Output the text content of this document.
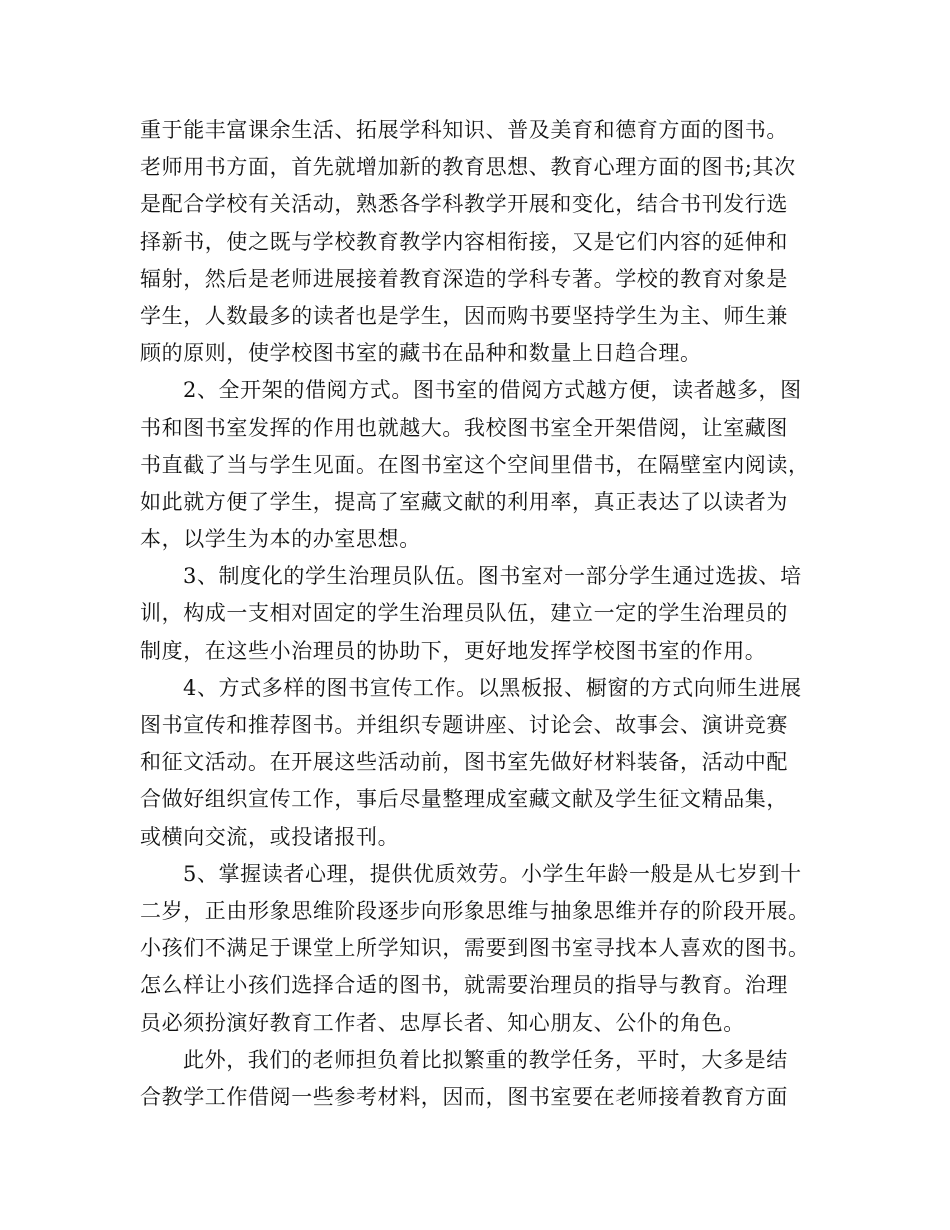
重于能丰富课余生活、拓展学科知识、普及美育和德育方面的图书。
老师用书方面，首先就增加新的教育思想、教育心理方面的图书;其次
是配合学校有关活动，熟悉各学科教学开展和变化，结合书刊发行选
择新书，使之既与学校教育教学内容相衔接，又是它们内容的延伸和
辐射，然后是老师进展接着教育深造的学科专著。学校的教育对象是
学生，人数最多的读者也是学生，因而购书要坚持学生为主、师生兼
顾的原则，使学校图书室的藏书在品种和数量上日趋合理。
2、全开架的借阅方式。图书室的借阅方式越方便，读者越多，图
书和图书室发挥的作用也就越大。我校图书室全开架借阅，让室藏图
书直截了当与学生见面。在图书室这个空间里借书，在隔壁室内阅读，
如此就方便了学生，提高了室藏文献的利用率，真正表达了以读者为
本，以学生为本的办室思想。
3、制度化的学生治理员队伍。图书室对一部分学生通过选拔、培
训，构成一支相对固定的学生治理员队伍，建立一定的学生治理员的
制度，在这些小治理员的协助下，更好地发挥学校图书室的作用。
4、方式多样的图书宣传工作。以黑板报、橱窗的方式向师生进展
图书宣传和推荐图书。并组织专题讲座、讨论会、故事会、演讲竞赛
和征文活动。在开展这些活动前，图书室先做好材料装备，活动中配
合做好组织宣传工作，事后尽量整理成室藏文献及学生征文精品集，
或横向交流，或投诸报刊。
5、掌握读者心理，提供优质效劳。小学生年龄一般是从七岁到十
二岁，正由形象思维阶段逐步向形象思维与抽象思维并存的阶段开展。
小孩们不满足于课堂上所学知识，需要到图书室寻找本人喜欢的图书。
怎么样让小孩们选择合适的图书，就需要治理员的指导与教育。治理
员必须扮演好教育工作者、忠厚长者、知心朋友、公仆的角色。
此外，我们的老师担负着比拟繁重的教学任务，平时，大多是结
合教学工作借阅一些参考材料，因而，图书室要在老师接着教育方面
